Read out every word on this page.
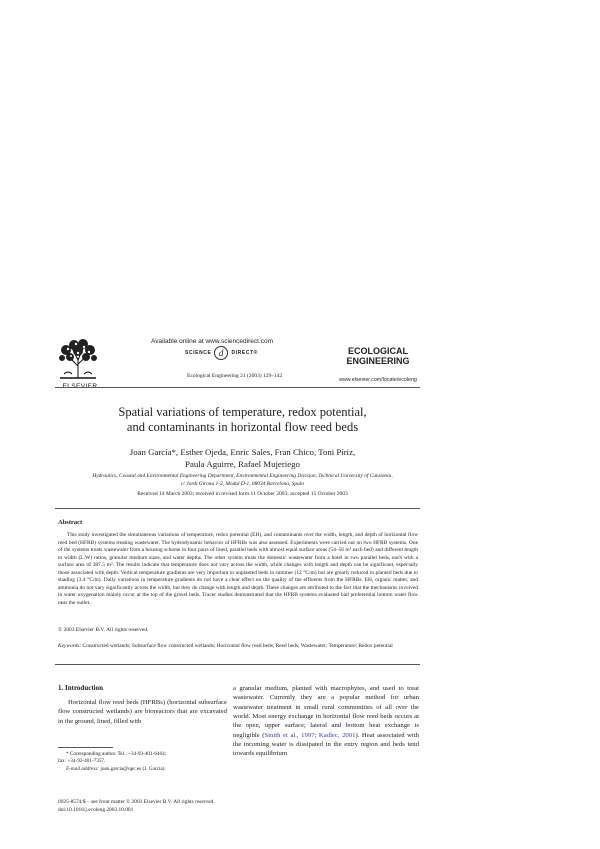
ELSEVIER
Available online at www.sciencedirect.com
SCIENCE d	DIRECT®
Ecological Engineering 21 (2003) 129–142
ECOLOGICAL
ENGINEERING
www.elsevier.com/locate/ecoleng
Spatial variations of temperature, redox potential,
and contaminants in horizontal flow reed beds
Joan García*, Esther Ojeda, Enric Sales, Fran Chico, Toni Píriz,
Paula Aguirre, Rafael Mujeriego
Hydraulics, Coastal and Environmental Engineering Department, Environmental Engineering Division, Technical University of Catalonia,
c/ Jordi Girona 1-3, Módul D-1, 08034 Barcelona, Spain
Received 14 March 2003; received in revised form 11 October 2003; accepted 15 October 2003
Abstract
This study investigated the simultaneous variations of temperature, redox potential (EH), and contaminants over the width, length, and depth of horizontal flow reed bed (HFRB) systems treating wastewater. The hydrodynamic behavior of HFRBs was also assessed. Experiments were carried out on two HFRB systems. One of the systems treats wastewater from a housing scheme in four pairs of lined, parallel beds with almost equal surface areas (54–56 m² each bed) and different length to width (L:W) ratios, granular medium sizes, and water depths. The other system treats the domestic wastewater from a hotel in two parallel beds, each with a surface area of 387.5 m². The results indicate that temperature does not vary across the width, while changes with length and depth can be significant, especially those associated with depth. Vertical temperature gradients are very important in unplanted beds in summer (12 °C/m) but are greatly reduced in planted beds due to shading (3.4 °C/m). Daily variations in temperature gradients do not have a clear effect on the quality of the effluents from the HFRBs. EH, organic matter, and ammonia do not vary significantly across the width, but they do change with length and depth. These changes are attributed to the fact that the mechanisms involved in water oxygenation mainly occur at the top of the gravel beds. Tracer studies demonstrated that the HFRB systems evaluated had preferential bottom water flow near the outlet.
© 2003 Elsevier B.V. All rights reserved.
Keywords: Constructed wetlands; Subsurface flow constructed wetlands; Horizontal flow reed beds; Reed beds; Wastewater; Temperature; Redox potential
1. Introduction
Horizontal flow reed beds (HFRBs) (horizontal subsurface flow constructed wetlands) are bioreactors that are excavated in the ground, lined, filled with
a granular medium, planted with macrophytes, and used to treat wastewater. Currently they are a popular method for urban wastewater treatment in small rural communities of all over the world. Most energy exchange in horizontal flow reed beds occurs at the open, upper surface; lateral and bottom heat exchange is negligible (Smith et al., 1997; Kadlec, 2001). Heat associated with the incoming water is dissipated in the entry region and beds tend towards equilibrium
* Corresponding author. Tel.: +34-93-401-6464;
fax: +34-93-401-7357.
E-mail address: joan.garcia@upc.es (J. García).
0925-8574/$ – see front matter © 2003 Elsevier B.V. All rights reserved.
doi:10.1016/j.ecoleng.2003.10.001
